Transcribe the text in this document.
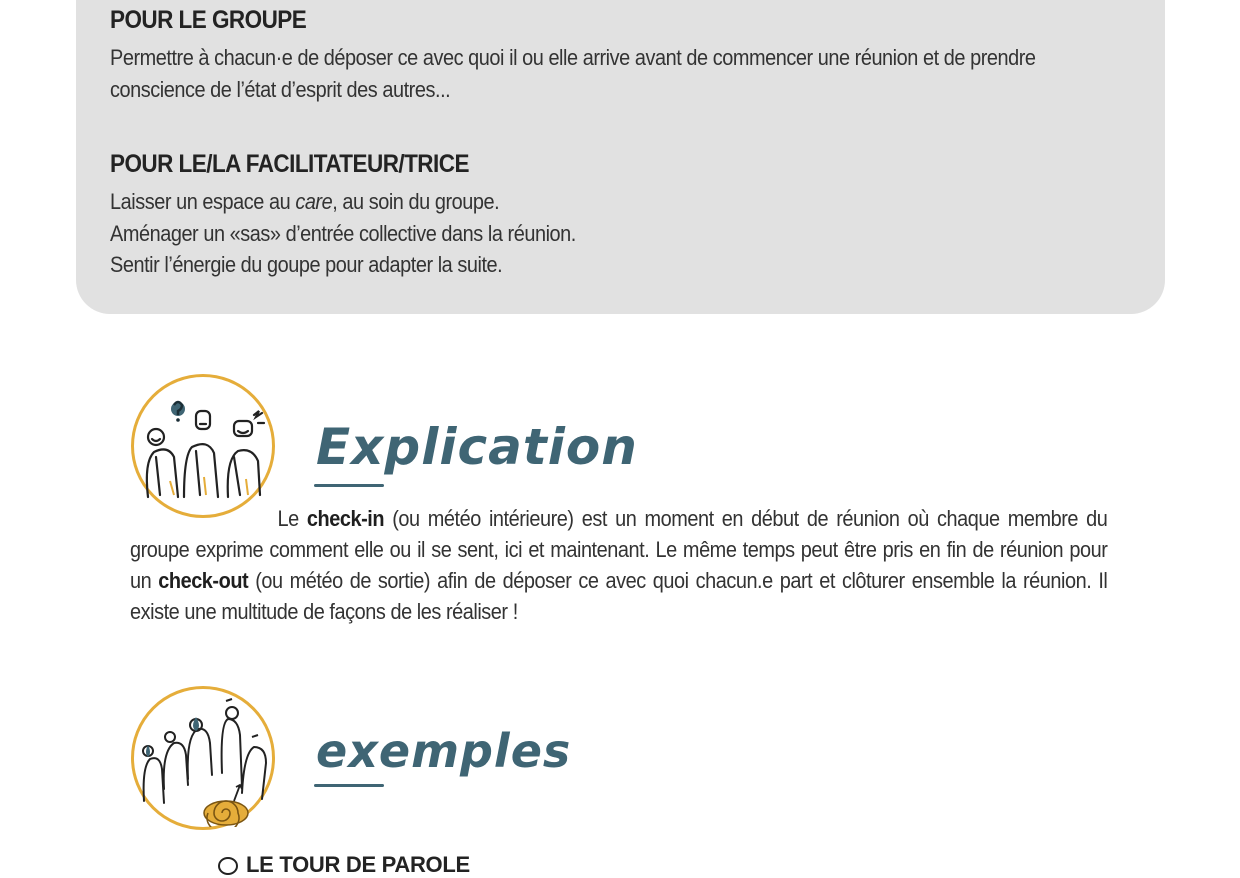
POUR LE GROUPE
Permettre à chacun·e de déposer ce avec quoi il ou elle arrive avant de commencer une réunion et de prendre
conscience de l’état d’esprit des autres...
POUR LE/LA FACILITATEUR/TRICE
Laisser un espace au care, au soin du groupe.
Aménager un «sas» d’entrée collective dans la réunion.
Sentir l’énergie du goupe pour adapter la suite.
Explication
Le check-in (ou météo intérieure) est un moment en début de réunion où chaque membre du groupe exprime comment elle ou il se sent, ici et maintenant. Le même temps peut être pris en fin de réunion pour un check-out (ou météo de sortie) afin de déposer ce avec quoi chacun.e part et clôturer ensemble la réunion. Il existe une multitude de façons de les réaliser !
exemples
LE TOUR DE PAROLE
